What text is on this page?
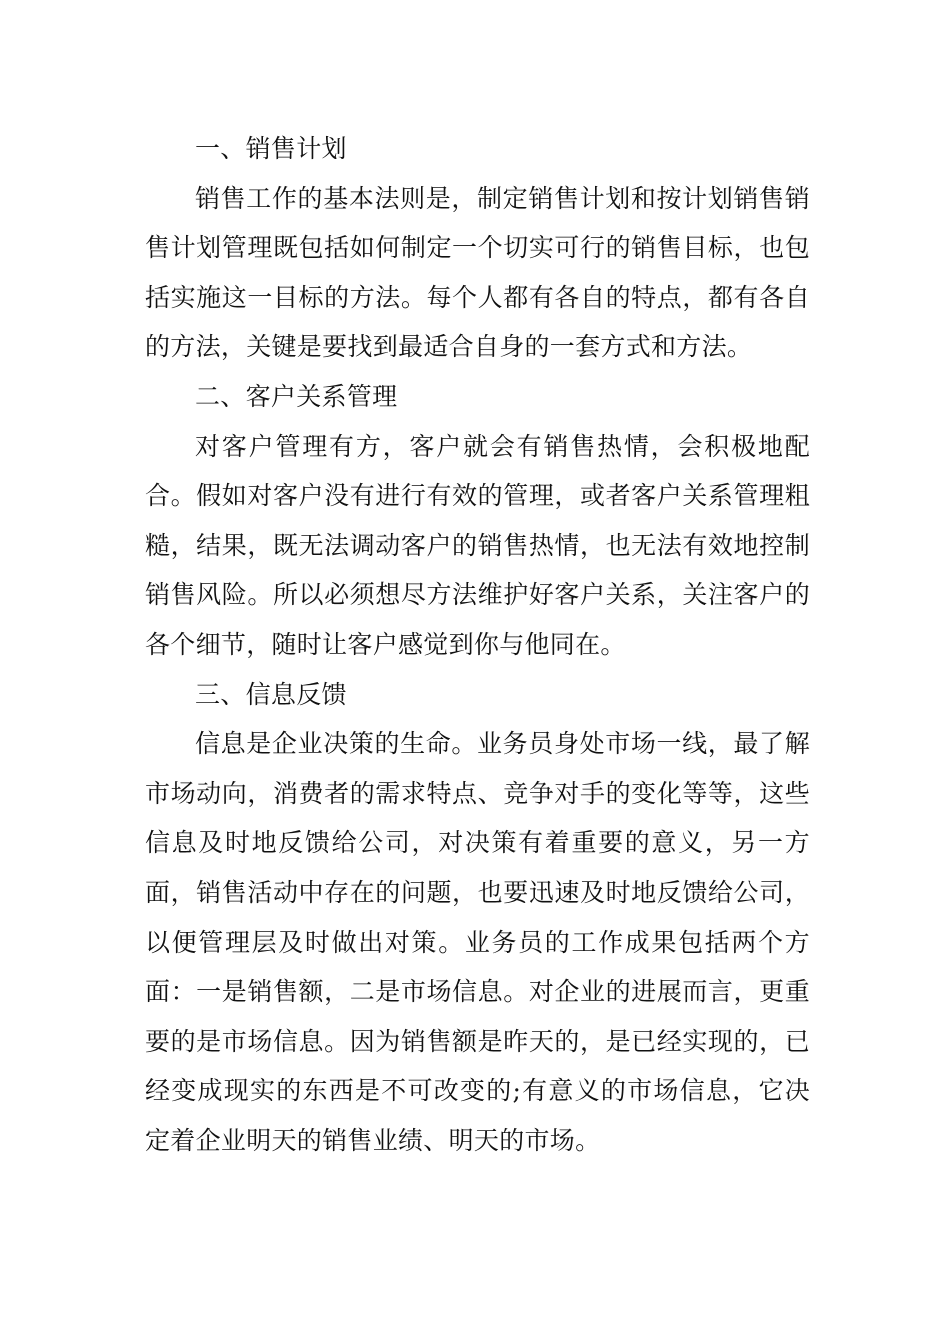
一、销售计划

销售工作的基本法则是，制定销售计划和按计划销售销售计划管理既包括如何制定一个切实可行的销售目标，也包括实施这一目标的方法。每个人都有各自的特点，都有各自的方法，关键是要找到最适合自身的一套方式和方法。

二、客户关系管理

对客户管理有方，客户就会有销售热情，会积极地配合。假如对客户没有进行有效的管理，或者客户关系管理粗糙，结果，既无法调动客户的销售热情，也无法有效地控制销售风险。所以必须想尽方法维护好客户关系，关注客户的各个细节，随时让客户感觉到你与他同在。

三、信息反馈

信息是企业决策的生命。业务员身处市场一线，最了解市场动向，消费者的需求特点、竞争对手的变化等等，这些信息及时地反馈给公司，对决策有着重要的意义，另一方面，销售活动中存在的问题，也要迅速及时地反馈给公司，以便管理层及时做出对策。业务员的工作成果包括两个方面：一是销售额，二是市场信息。对企业的进展而言，更重要的是市场信息。因为销售额是昨天的，是已经实现的，已经变成现实的东西是不可改变的;有意义的市场信息，它决定着企业明天的销售业绩、明天的市场。
